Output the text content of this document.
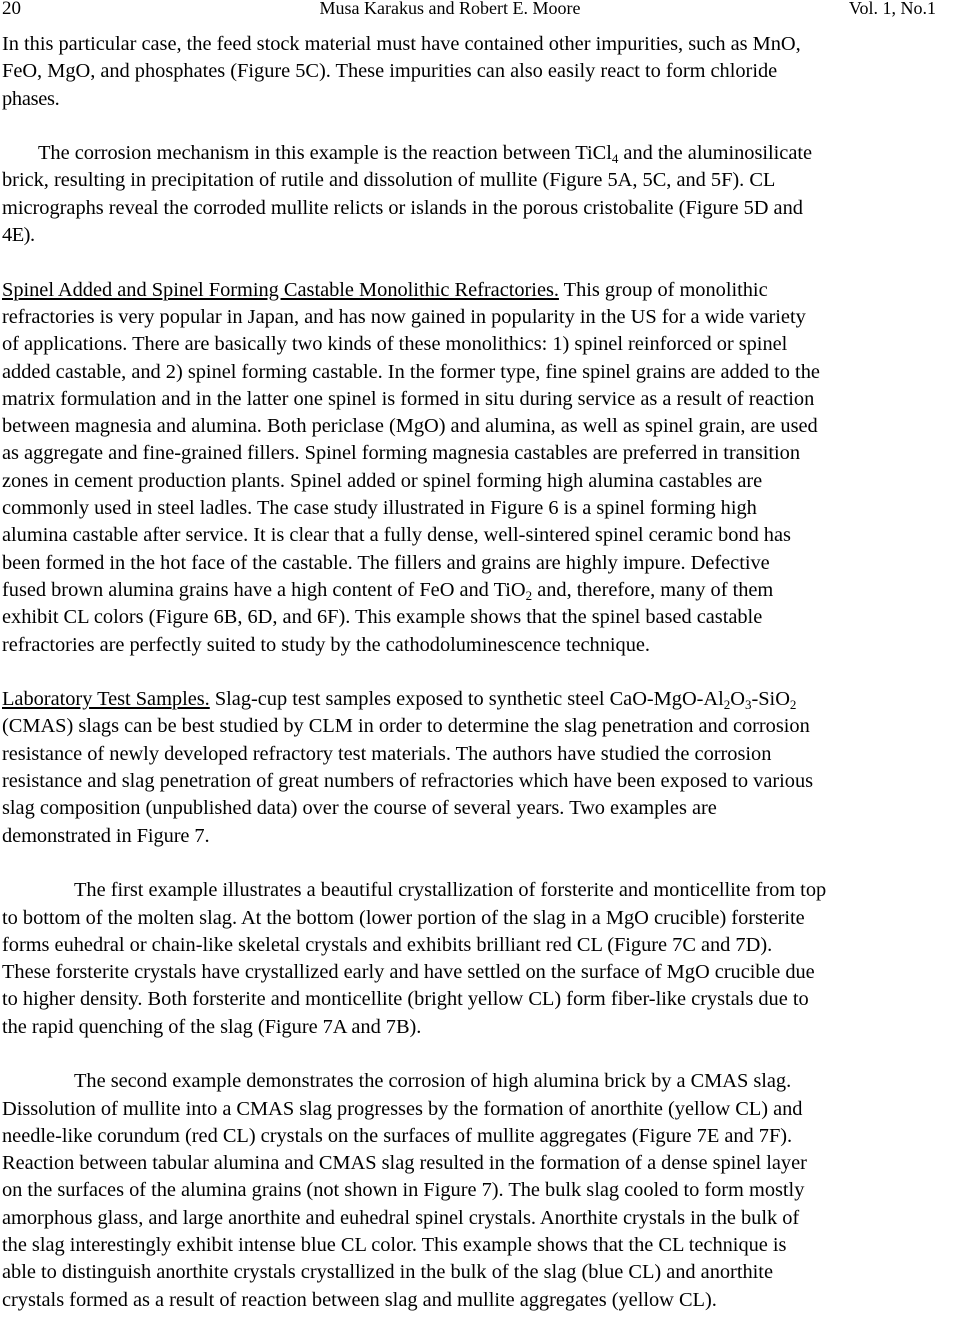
20	Musa Karakus and Robert E. Moore	Vol. 1, No.1
In this particular case, the feed stock material must have contained other impurities, such as MnO,
FeO, MgO, and phosphates (Figure 5C). These impurities can also easily react to form chloride
phases.
The corrosion mechanism in this example is the reaction between TiCl$_4$ and the aluminosilicate
brick, resulting in precipitation of rutile and dissolution of mullite (Figure 5A, 5C, and 5F). CL
micrographs reveal the corroded mullite relicts or islands in the porous cristobalite (Figure 5D and
4E).
Spinel Added and Spinel Forming Castable Monolithic Refractories. This group of monolithic
refractories is very popular in Japan, and has now gained in popularity in the US for a wide variety
of applications. There are basically two kinds of these monolithics: 1) spinel reinforced or spinel
added castable, and 2) spinel forming castable. In the former type, fine spinel grains are added to the
matrix formulation and in the latter one spinel is formed in situ during service as a result of reaction
between magnesia and alumina. Both periclase (MgO) and alumina, as well as spinel grain, are used
as aggregate and fine-grained fillers. Spinel forming magnesia castables are preferred in transition
zones in cement production plants. Spinel added or spinel forming high alumina castables are
commonly used in steel ladles. The case study illustrated in Figure 6 is a spinel forming high
alumina castable after service. It is clear that a fully dense, well-sintered spinel ceramic bond has
been formed in the hot face of the castable. The fillers and grains are highly impure. Defective
fused brown alumina grains have a high content of FeO and TiO$_2$ and, therefore, many of them
exhibit CL colors (Figure 6B, 6D, and 6F). This example shows that the spinel based castable
refractories are perfectly suited to study by the cathodoluminescence technique.
Laboratory Test Samples. Slag-cup test samples exposed to synthetic steel CaO-$MgO-Al_2O_3-SiO_2$
(CMAS) slags can be best studied by CLM in order to determine the slag penetration and corrosion
resistance of newly developed refractory test materials. The authors have studied the corrosion
resistance and slag penetration of great numbers of refractories which have been exposed to various
slag composition (unpublished data) over the course of several years. Two examples are
demonstrated in Figure 7.
The first example illustrates a beautiful crystallization of forsterite and monticellite from top
to bottom of the molten slag. At the bottom (lower portion of the slag in a MgO crucible) forsterite
forms euhedral or chain-like skeletal crystals and exhibits brilliant red CL (Figure 7C and 7D).
These forsterite crystals have crystallized early and have settled on the surface of MgO crucible due
to higher density. Both forsterite and monticellite (bright yellow CL) form fiber-like crystals due to
the rapid quenching of the slag (Figure 7A and 7B).
The second example demonstrates the corrosion of high alumina brick by a CMAS slag.
Dissolution of mullite into a CMAS slag progresses by the formation of anorthite (yellow CL) and
needle-like corundum (red CL) crystals on the surfaces of mullite aggregates (Figure 7E and 7F).
Reaction between tabular alumina and CMAS slag resulted in the formation of a dense spinel layer
on the surfaces of the alumina grains (not shown in Figure 7). The bulk slag cooled to form mostly
amorphous glass, and large anorthite and euhedral spinel crystals. Anorthite crystals in the bulk of
the slag interestingly exhibit intense blue CL color. This example shows that the CL technique is
able to distinguish anorthite crystals crystallized in the bulk of the slag (blue CL) and anorthite
crystals formed as a result of reaction between slag and mullite aggregates (yellow CL).
